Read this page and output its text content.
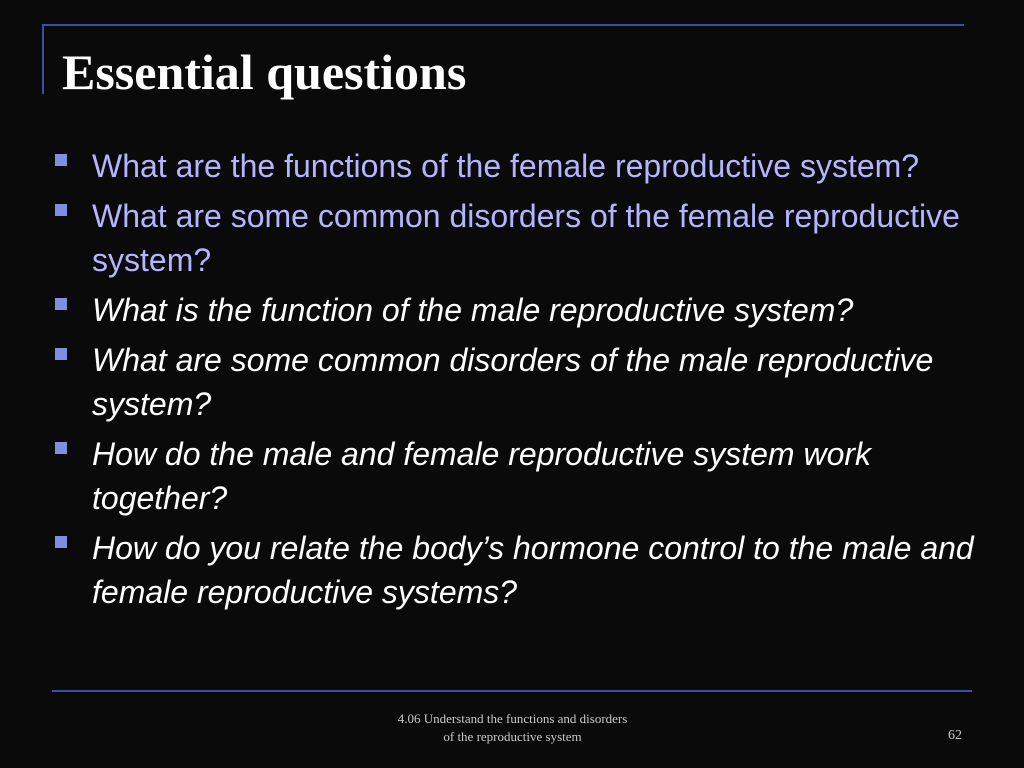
Essential questions
What are the functions of the female reproductive system?
What are some common disorders of the female reproductive system?
What is the function of the male reproductive system?
What are some common disorders of the male reproductive system?
How do the male and female reproductive system work together?
How do you relate the body’s hormone control to the male and female reproductive systems?
4.06 Understand the functions and disorders
of the reproductive system	62
